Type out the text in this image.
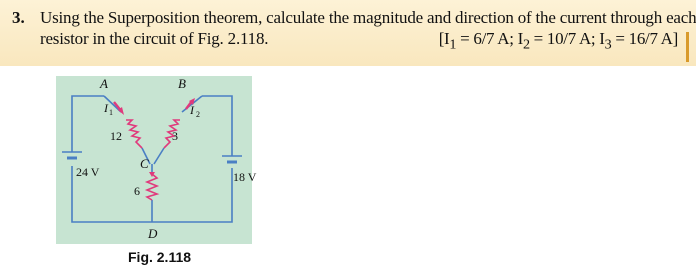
3. Using the Superposition theorem, calculate the magnitude and direction of the current through each
resistor in the circuit of Fig. 2.118.	[$I_1 = 6/7$ A; $I_2 = 10/7$ A; $I_3 = 16/7$ A]
A	B
C
D
I 1	I 2
12	3
6
24 V	18 V
Fig. 2.118
